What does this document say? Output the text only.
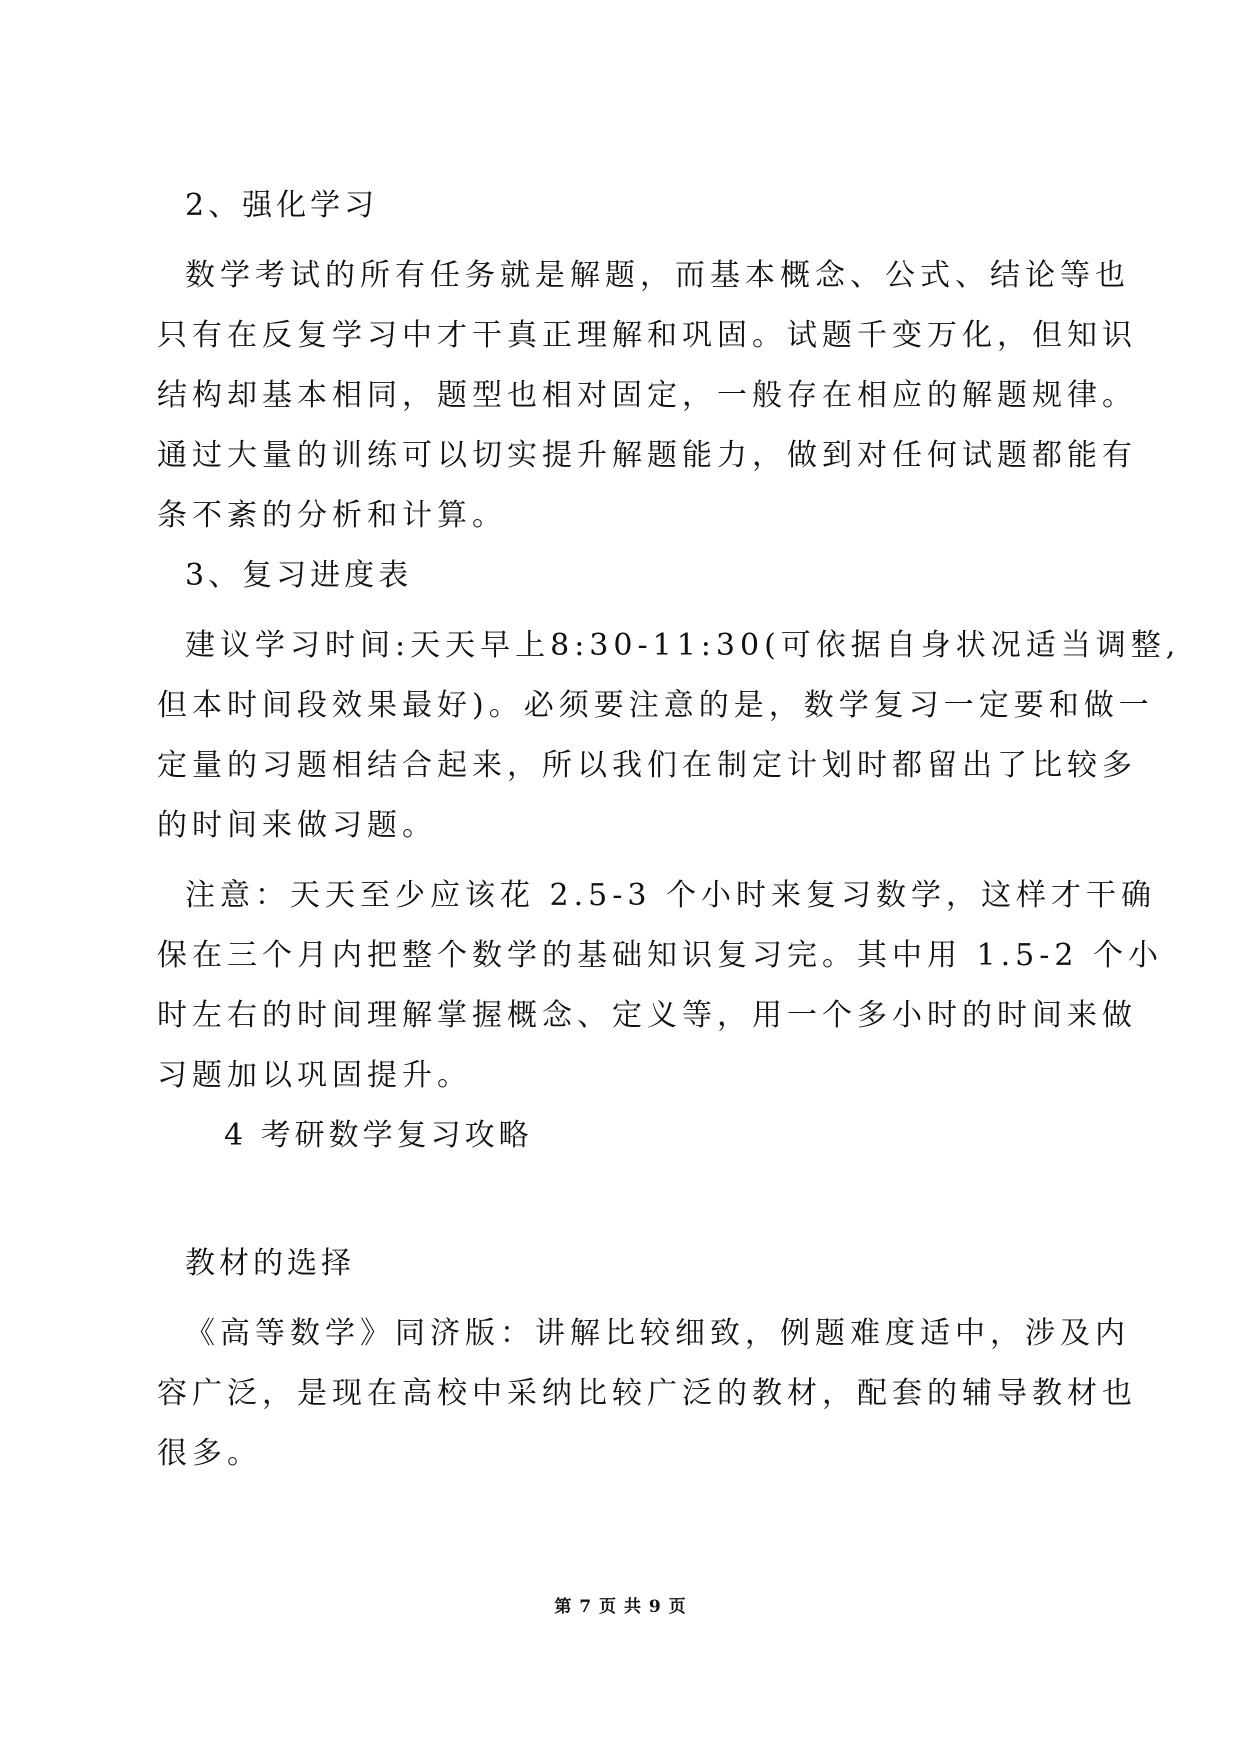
2、强化学习

数学考试的所有任务就是解题，而基本概念、公式、结论等也

只有在反复学习中才干真正理解和巩固。试题千变万化，但知识

结构却基本相同，题型也相对固定，一般存在相应的解题规律。

通过大量的训练可以切实提升解题能力，做到对任何试题都能有

条不紊的分析和计算。

3、复习进度表

建议学习时间:天天早上8:30-11:30(可依据自身状况适当调整,

但本时间段效果最好)。必须要注意的是，数学复习一定要和做一

定量的习题相结合起来，所以我们在制定计划时都留出了比较多

的时间来做习题。

注意：天天至少应该花 2.5-3 个小时来复习数学，这样才干确

保在三个月内把整个数学的基础知识复习完。其中用 1.5-2 个小

时左右的时间理解掌握概念、定义等，用一个多小时的时间来做

习题加以巩固提升。

4 考研数学复习攻略

教材的选择

《高等数学》同济版：讲解比较细致，例题难度适中，涉及内

容广泛，是现在高校中采纳比较广泛的教材，配套的辅导教材也

很多。

第 7 页 共 9 页
